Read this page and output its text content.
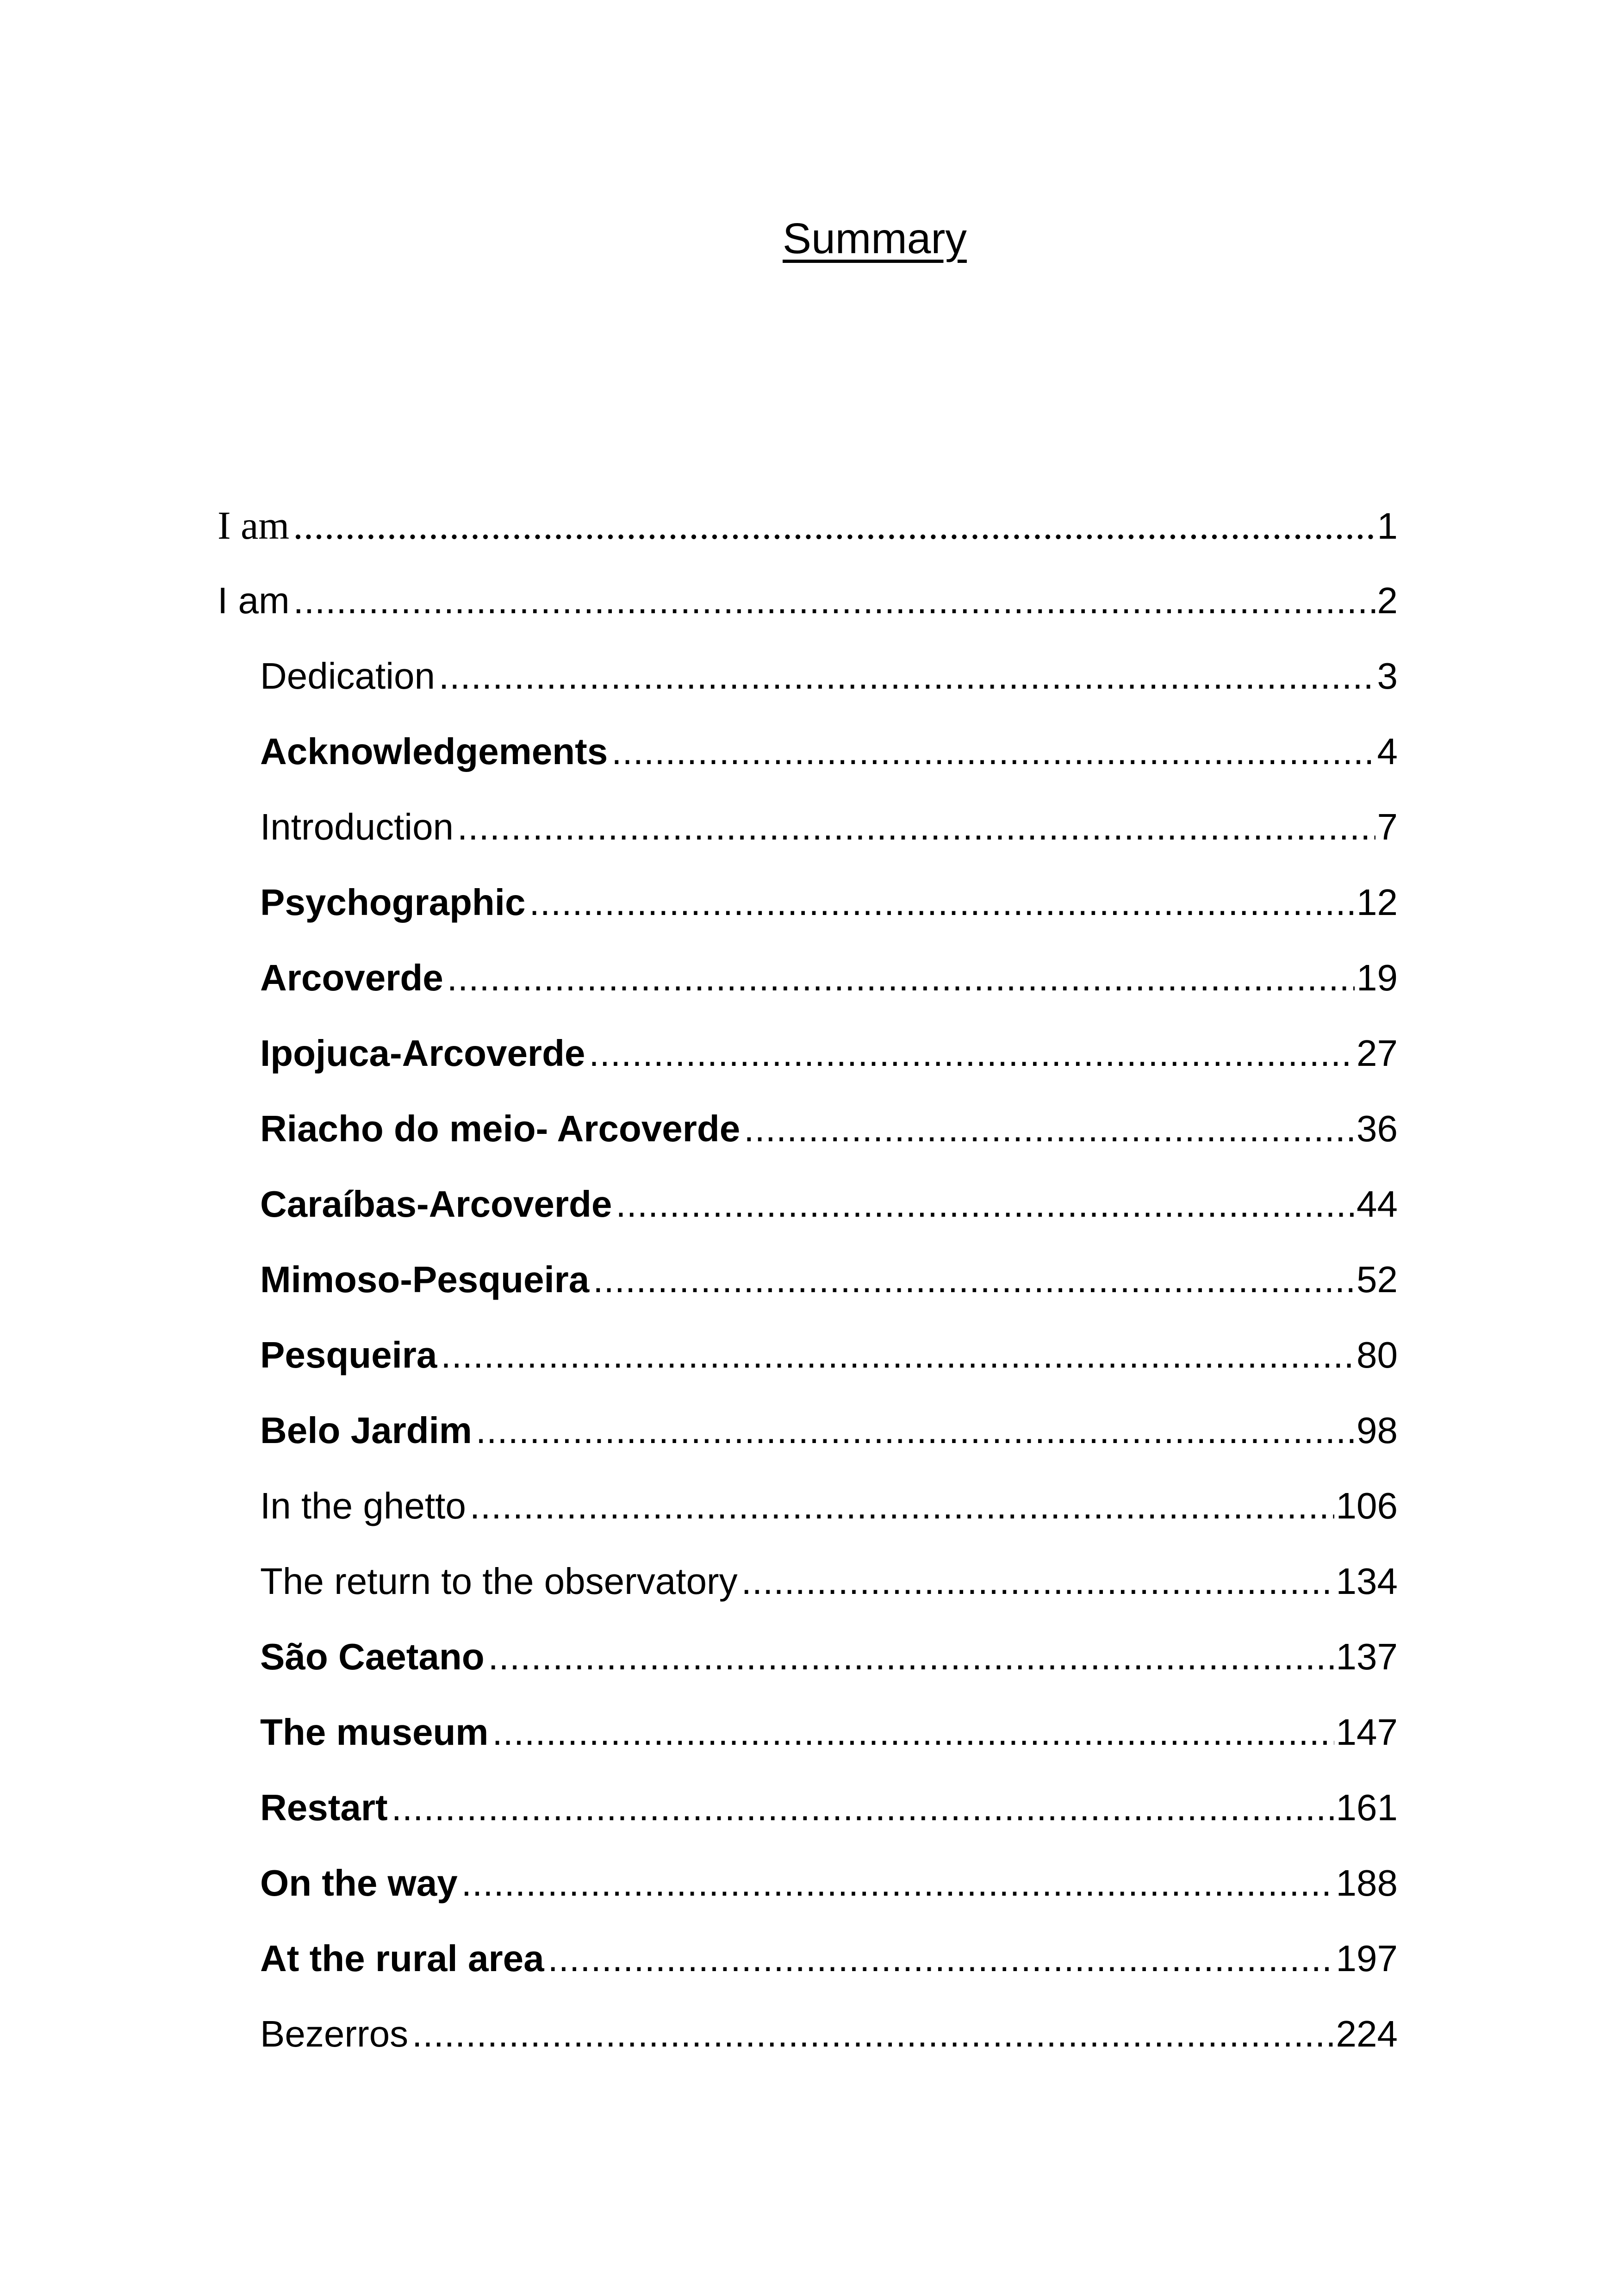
Summary
I am .....	1
I am .....	2
Dedication .....	3
Acknowledgements .....	4
Introduction .....	7
Psychographic .....	12
Arcoverde .....	19
Ipojuca-Arcoverde .....	27
Riacho do meio- Arcoverde .....	36
Caraíbas-Arcoverde .....	44
Mimoso-Pesqueira .....	52
Pesqueira .....	80
Belo Jardim .....	98
In the ghetto .....	106
The return to the observatory .....	134
São Caetano .....	137
The museum .....	147
Restart .....	161
On the way .....	188
At the rural area .....	197
Bezerros .....	224
